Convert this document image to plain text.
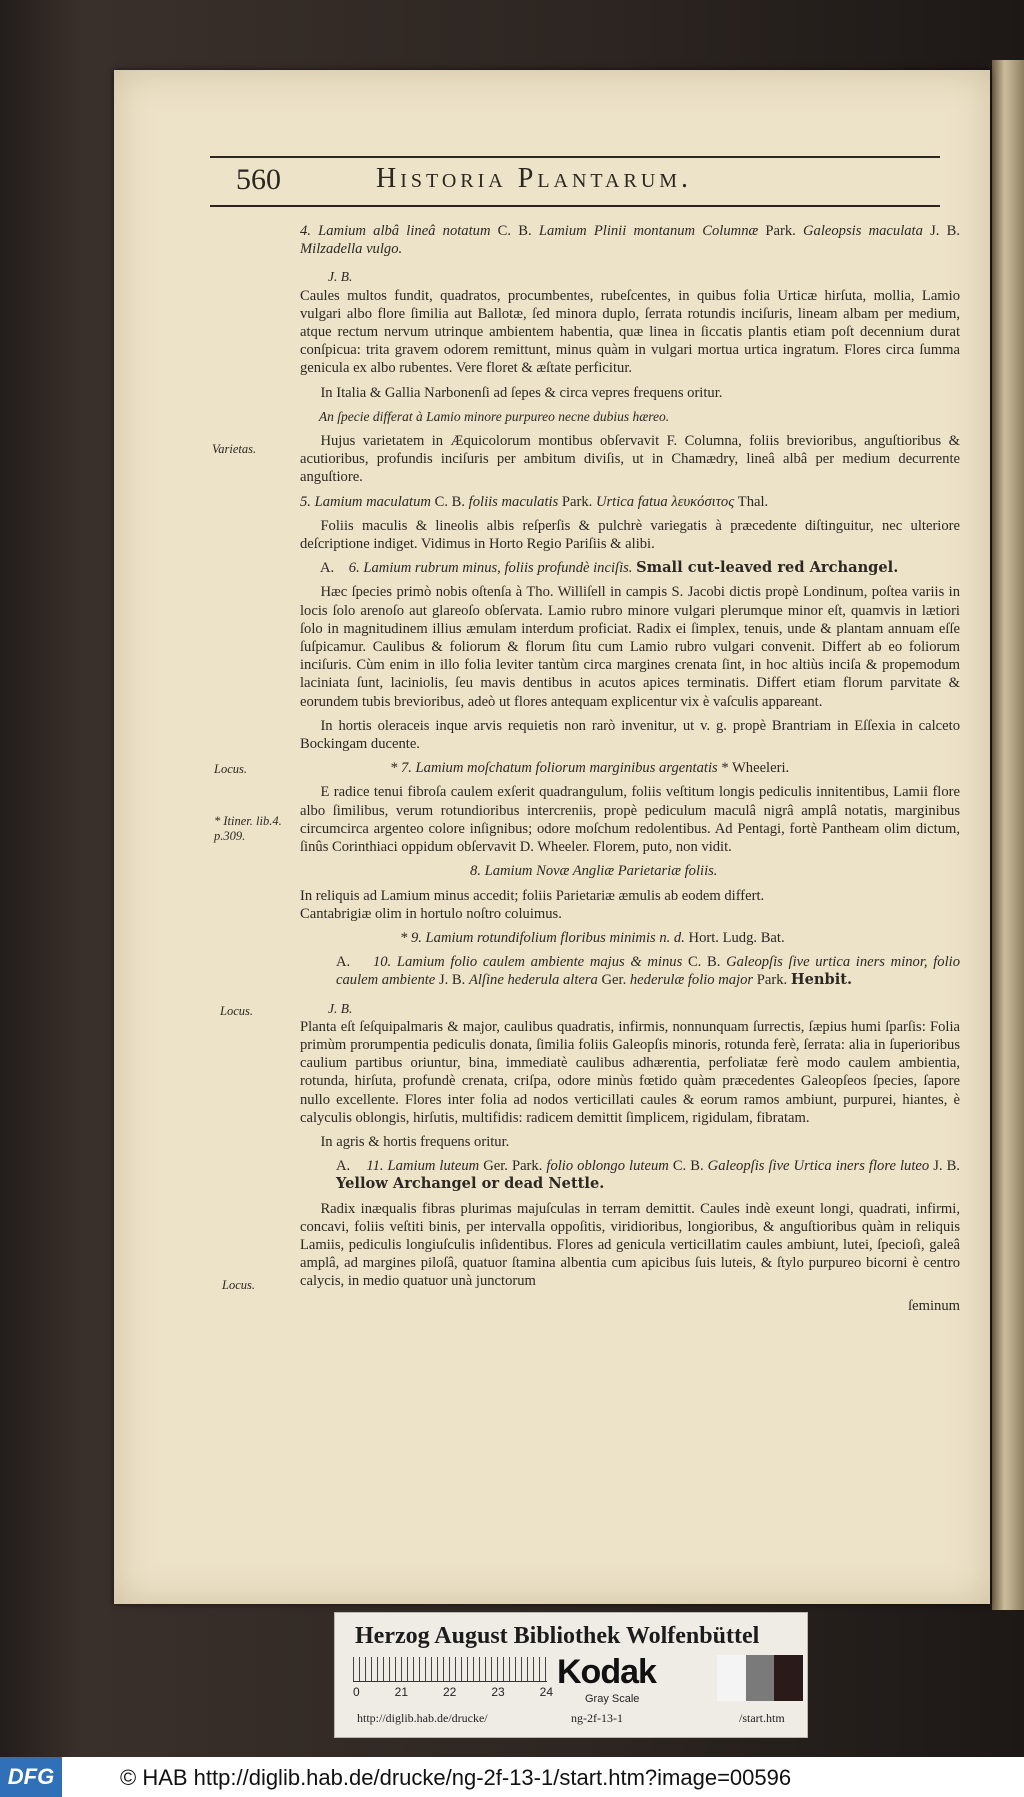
560	Historia Plantarum.
Varietas.
Locus.
* Itiner. lib.4. p.309.
Locus.
Locus.

4. Lamium albâ lineâ notatum C. B. Lamium Plinii montanum Columnæ Park. Galeopsis maculata J. B. Milzadella vulgo.

J. B.

Caules multos fundit, quadratos, procumbentes, rubeſcentes, in quibus folia Urticæ hirſuta, mollia, Lamio vulgari albo flore ſimilia aut Ballotæ, ſed minora duplo, ſerrata rotundis inciſuris, lineam albam per medium, atque rectum nervum utrinque ambientem habentia, quæ linea in ſiccatis plantis etiam poſt decennium durat conſpicua: trita gravem odorem remittunt, minus quàm in vulgari mortua urtica ingratum. Flores circa ſumma genicula ex albo rubentes. Vere floret & æſtate perficitur.

In Italia & Gallia Narbonenſi ad ſepes & circa vepres frequens oritur.

An ſpecie differat à Lamio minore purpureo necne dubius hæreo.

Hujus varietatem in Æquicolorum montibus obſervavit F. Columna, foliis brevioribus, anguſtioribus & acutioribus, profundis inciſuris per ambitum diviſis, ut in Chamædry, lineâ albâ per medium decurrente anguſtiore.

5. Lamium maculatum C. B. foliis maculatis Park. Urtica fatua λευκόσιτος Thal.

Foliis maculis & lineolis albis reſperſis & pulchrè variegatis à præcedente diſtinguitur, nec ulteriore deſcriptione indiget. Vidimus in Horto Regio Pariſiis & alibi.

A. 6. Lamium rubrum minus, foliis profundè inciſis. Small cut-leaved red Archangel.

Hæc ſpecies primò nobis oſtenſa à Tho. Williſell in campis S. Jacobi dictis propè Londinum, poſtea variis in locis ſolo arenoſo aut glareoſo obſervata. Lamio rubro minore vulgari plerumque minor eſt, quamvis in lætiori ſolo in magnitudinem illius æmulam interdum proficiat. Radix ei ſimplex, tenuis, unde & plantam annuam eſſe ſuſpicamur. Caulibus & foliorum & florum ſitu cum Lamio rubro vulgari convenit. Differt ab eo foliorum inciſuris. Cùm enim in illo folia leviter tantùm circa margines crenata ſint, in hoc altiùs inciſa & propemodum laciniata ſunt, laciniolis, ſeu mavis dentibus in acutos apices terminatis. Differt etiam florum parvitate & eorundem tubis brevioribus, adeò ut flores antequam explicentur vix è vaſculis appareant.

In hortis oleraceis inque arvis requietis non rarò invenitur, ut v. g. propè Brantriam in Eſſexia in calceto Bockingam ducente.

* 7. Lamium moſchatum foliorum marginibus argentatis * Wheeleri.

E radice tenui fibroſa caulem exſerit quadrangulum, foliis veſtitum longis pediculis innitentibus, Lamii flore albo ſimilibus, verum rotundioribus intercreniis, propè pediculum maculâ nigrâ amplâ notatis, marginibus circumcirca argenteo colore inſignibus; odore moſchum redolentibus. Ad Pentagi, fortè Pantheam olim dictum, ſinûs Corinthiaci oppidum obſervavit D. Wheeler. Florem, puto, non vidit.

8. Lamium Novæ Angliæ Parietariæ foliis.

In reliquis ad Lamium minus accedit; foliis Parietariæ æmulis ab eodem differt.

Cantabrigiæ olim in hortulo noſtro coluimus.

* 9. Lamium rotundifolium floribus minimis n. d. Hort. Ludg. Bat.

A. 10. Lamium folio caulem ambiente majus & minus C. B. Galeopſis ſive urtica iners minor, folio caulem ambiente J. B. Alſine hederula altera Ger. hederulæ folio major Park. Henbit.

J. B.

Planta eſt ſeſquipalmaris & major, caulibus quadratis, infirmis, nonnunquam ſurrectis, ſæpius humi ſparſis: Folia primùm prorumpentia pediculis donata, ſimilia foliis Galeopſis minoris, rotunda ferè, ſerrata: alia in ſuperioribus caulium partibus oriuntur, bina, immediatè caulibus adhærentia, perfoliatæ ferè modo caulem ambientia, rotunda, hirſuta, profundè crenata, criſpa, odore minùs fœtido quàm præcedentes Galeopſeos ſpecies, ſapore nullo excellente. Flores inter folia ad nodos verticillati caules & eorum ramos ambiunt, purpurei, hiantes, è calyculis oblongis, hirſutis, multifidis: radicem demittit ſimplicem, rigidulam, fibratam.

In agris & hortis frequens oritur.

A. 11. Lamium luteum Ger. Park. folio oblongo luteum C. B. Galeopſis ſive Urtica iners flore luteo J. B. Yellow Archangel or dead Nettle.

Radix inæqualis fibras plurimas majuſculas in terram demittit. Caules indè exeunt longi, quadrati, infirmi, concavi, foliis veſtiti binis, per intervalla oppoſitis, viridioribus, longioribus, & anguſtioribus quàm in reliquis Lamiis, pediculis longiuſculis inſidentibus. Flores ad genicula verticillatim caules ambiunt, lutei, ſpecioſi, galeâ amplâ, ad margines piloſâ, quatuor ſtamina albentia cum apicibus ſuis luteis, & ſtylo purpureo bicorni è centro calycis, in medio quatuor unà junctorum

ſeminum

Herzog August Bibliothek Wolfenbüttel
0	21	22	23	24
Kodak
Gray Scale
http://diglib.hab.de/drucke/	ng-2f-13-1	/start.htm
DFG	© HAB http://diglib.hab.de/drucke/ng-2f-13-1/start.htm?image=00596
